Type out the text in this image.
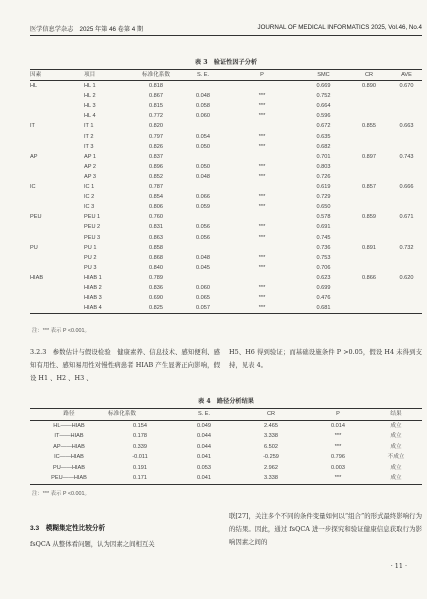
医学信息学杂志　2025 年第 46 卷第 4 期	JOURNAL OF MEDICAL INFORMATICS 2025, Vol.46, No.4
表 3　验证性因子分析
因素	项目	标准化系数	S. E.	P	SMC	CR	AVE
HL	HL 1	0.818			0.669	0.890	0.670
	HL 2	0.867	0.048	***	0.752		
	HL 3	0.815	0.058	***	0.664		
	HL 4	0.772	0.060	***	0.596		
IT	IT 1	0.820			0.672	0.855	0.663
	IT 2	0.797	0.054	***	0.635		
	IT 3	0.826	0.050	***	0.682		
AP	AP 1	0.837			0.701	0.897	0.743
	AP 2	0.896	0.050	***	0.803		
	AP 3	0.852	0.048	***	0.726		
IC	IC 1	0.787			0.619	0.857	0.666
	IC 2	0.854	0.066	***	0.729		
	IC 3	0.806	0.059	***	0.650		
PEU	PEU 1	0.760			0.578	0.859	0.671
	PEU 2	0.831	0.056	***	0.691		
	PEU 3	0.863	0.056	***	0.745		
PU	PU 1	0.858			0.736	0.891	0.732
	PU 2	0.868	0.048	***	0.753		
	PU 3	0.840	0.045	***	0.706		
HIAB	HIAB 1	0.789			0.623	0.866	0.620
	HIAB 2	0.836	0.060	***	0.699		
	HIAB 3	0.690	0.065	***	0.476		
	HIAB 4	0.825	0.057	***	0.681		
注：*** 表示 P <0.001。
3.2.3　参数估计与假设检验　健康素养、信息技术、感知便利、感知有用性、感知易用性对慢性病患者 HIAB 产生显著正向影响，假设 H1 、H2 、H3 、
H5、H6 得到验证；而基础设施条件 P >0.05，假设 H4 未得到支持，见表 4。
表 4　路径分析结果
路径	标准化系数	S. E.	CR	P	结果
HL——HIAB	0.154	0.049	2.465	0.014	成立
IT——HIAB	0.178	0.044	3.338	***	成立
AP——HIAB	0.339	0.044	6.502	***	成立
IC——HIAB	-0.011	0.041	-0.259	0.796	不成立
PU——HIAB	0.191	0.053	2.962	0.003	成立
PEU——HIAB	0.171	0.041	3.338	***	成立
注：*** 表示 P <0.001。
3.3　模糊集定性比较分析
fsQCA 从整体看问题，认为因素之间相互关
联[27]，关注多个不同的条件变量如何以“组合”的形式最终影响行为的结果。因此，通过 fsQCA 进一步探究和验证健康信息获取行为影响因素之间的
· 11 ·
